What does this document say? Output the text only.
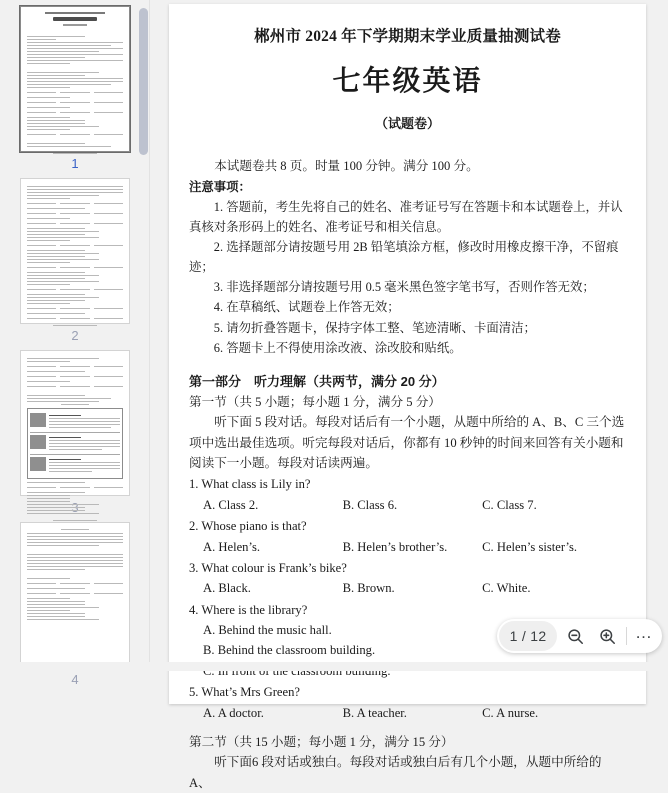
1
2
4
郴州市 2024 年下学期期末学业质量抽测试卷
七年级英语
（试题卷）
本试题卷共 8 页。时量 100 分钟。满分 100 分。
注意事项：
1. 答题前，考生先将自己的姓名、准考证号写在答题卡和本试题卷上，并认真核对条形码上的姓名、准考证号和相关信息。
2. 选择题部分请按题号用 2B 铅笔填涂方框，修改时用橡皮擦干净，不留痕迹；
3. 非选择题部分请按题号用 0.5 毫米黑色签字笔书写，否则作答无效；
4. 在草稿纸、试题卷上作答无效；
5. 请勿折叠答题卡，保持字体工整、笔迹清晰、卡面清洁；
6. 答题卡上不得使用涂改液、涂改胶和贴纸。
第一部分　听力理解（共两节，满分 20 分）
第一节（共 5 小题；每小题 1 分，满分 5 分）
听下面 5 段对话。每段对话后有一个小题，从题中所给的 A、B、C 三个选项中选出最佳选项。听完每段对话后，你都有 10 秒钟的时间来回答有关小题和阅读下一小题。每段对话读两遍。
1. What class is Lily in?
A. Class 2.	B. Class 6.	C. Class 7.
2. Whose piano is that?
A. Helen’s.	B. Helen’s brother’s.	C. Helen’s sister’s.
3. What colour is Frank’s bike?
A. Black.	B. Brown.	C. White.
4. Where is the library?
A. Behind the music hall.
B. Behind the classroom building.
5. What’s Mrs Green?
A. A doctor.	B. A teacher.	C. A nurse.
第二节（共 15 小题；每小题 1 分，满分 15 分）
听下面6 段对话或独白。每段对话或独白后有几个小题，从题中所给的 A、
1 / 12	…
